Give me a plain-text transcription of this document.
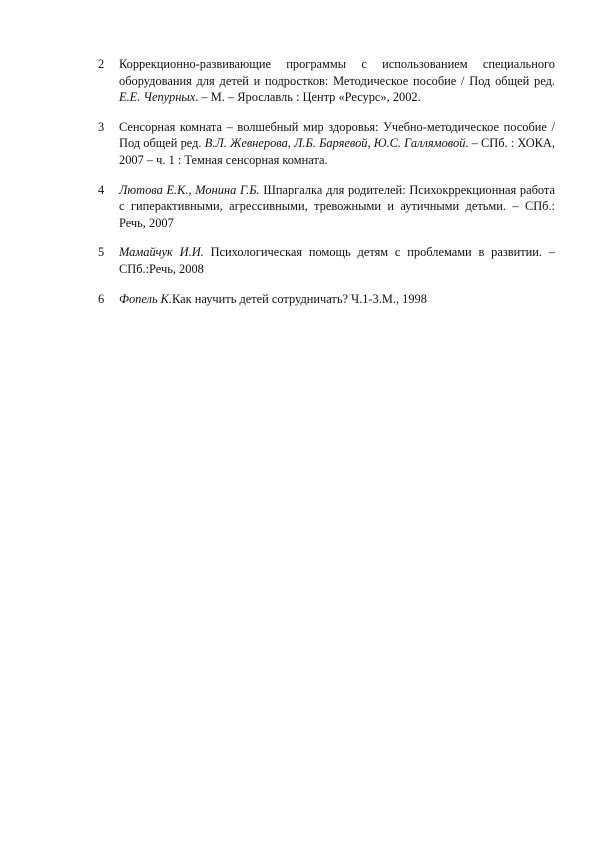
2	Коррекционно-развивающие программы с использованием специального оборудования для детей и подростков: Методическое пособие / Под общей ред. Е.Е. Чепурных. – М. – Ярославль : Центр «Ресурс», 2002.
3	Сенсорная комната – волшебный мир здоровья: Учебно-методическое пособие / Под общей ред. В.Л. Жевнерова, Л.Б. Баряевой, Ю.С. Галлямовой. – СПб. : ХОКА, 2007 – ч. 1 : Темная сенсорная комната.
4	Лютова Е.К., Монина Г.Б. Шпаргалка для родителей: Психокррекционная работа с гиперактивными, агрессивными, тревожными и аутичными детьми. – СПб.: Речь, 2007
5	Мамайчук И.И. Психологическая помощь детям с проблемами в развитии. – СПб.:Речь, 2008
6	Фопель К.Как научить детей сотрудничать? Ч.1-3.М., 1998
